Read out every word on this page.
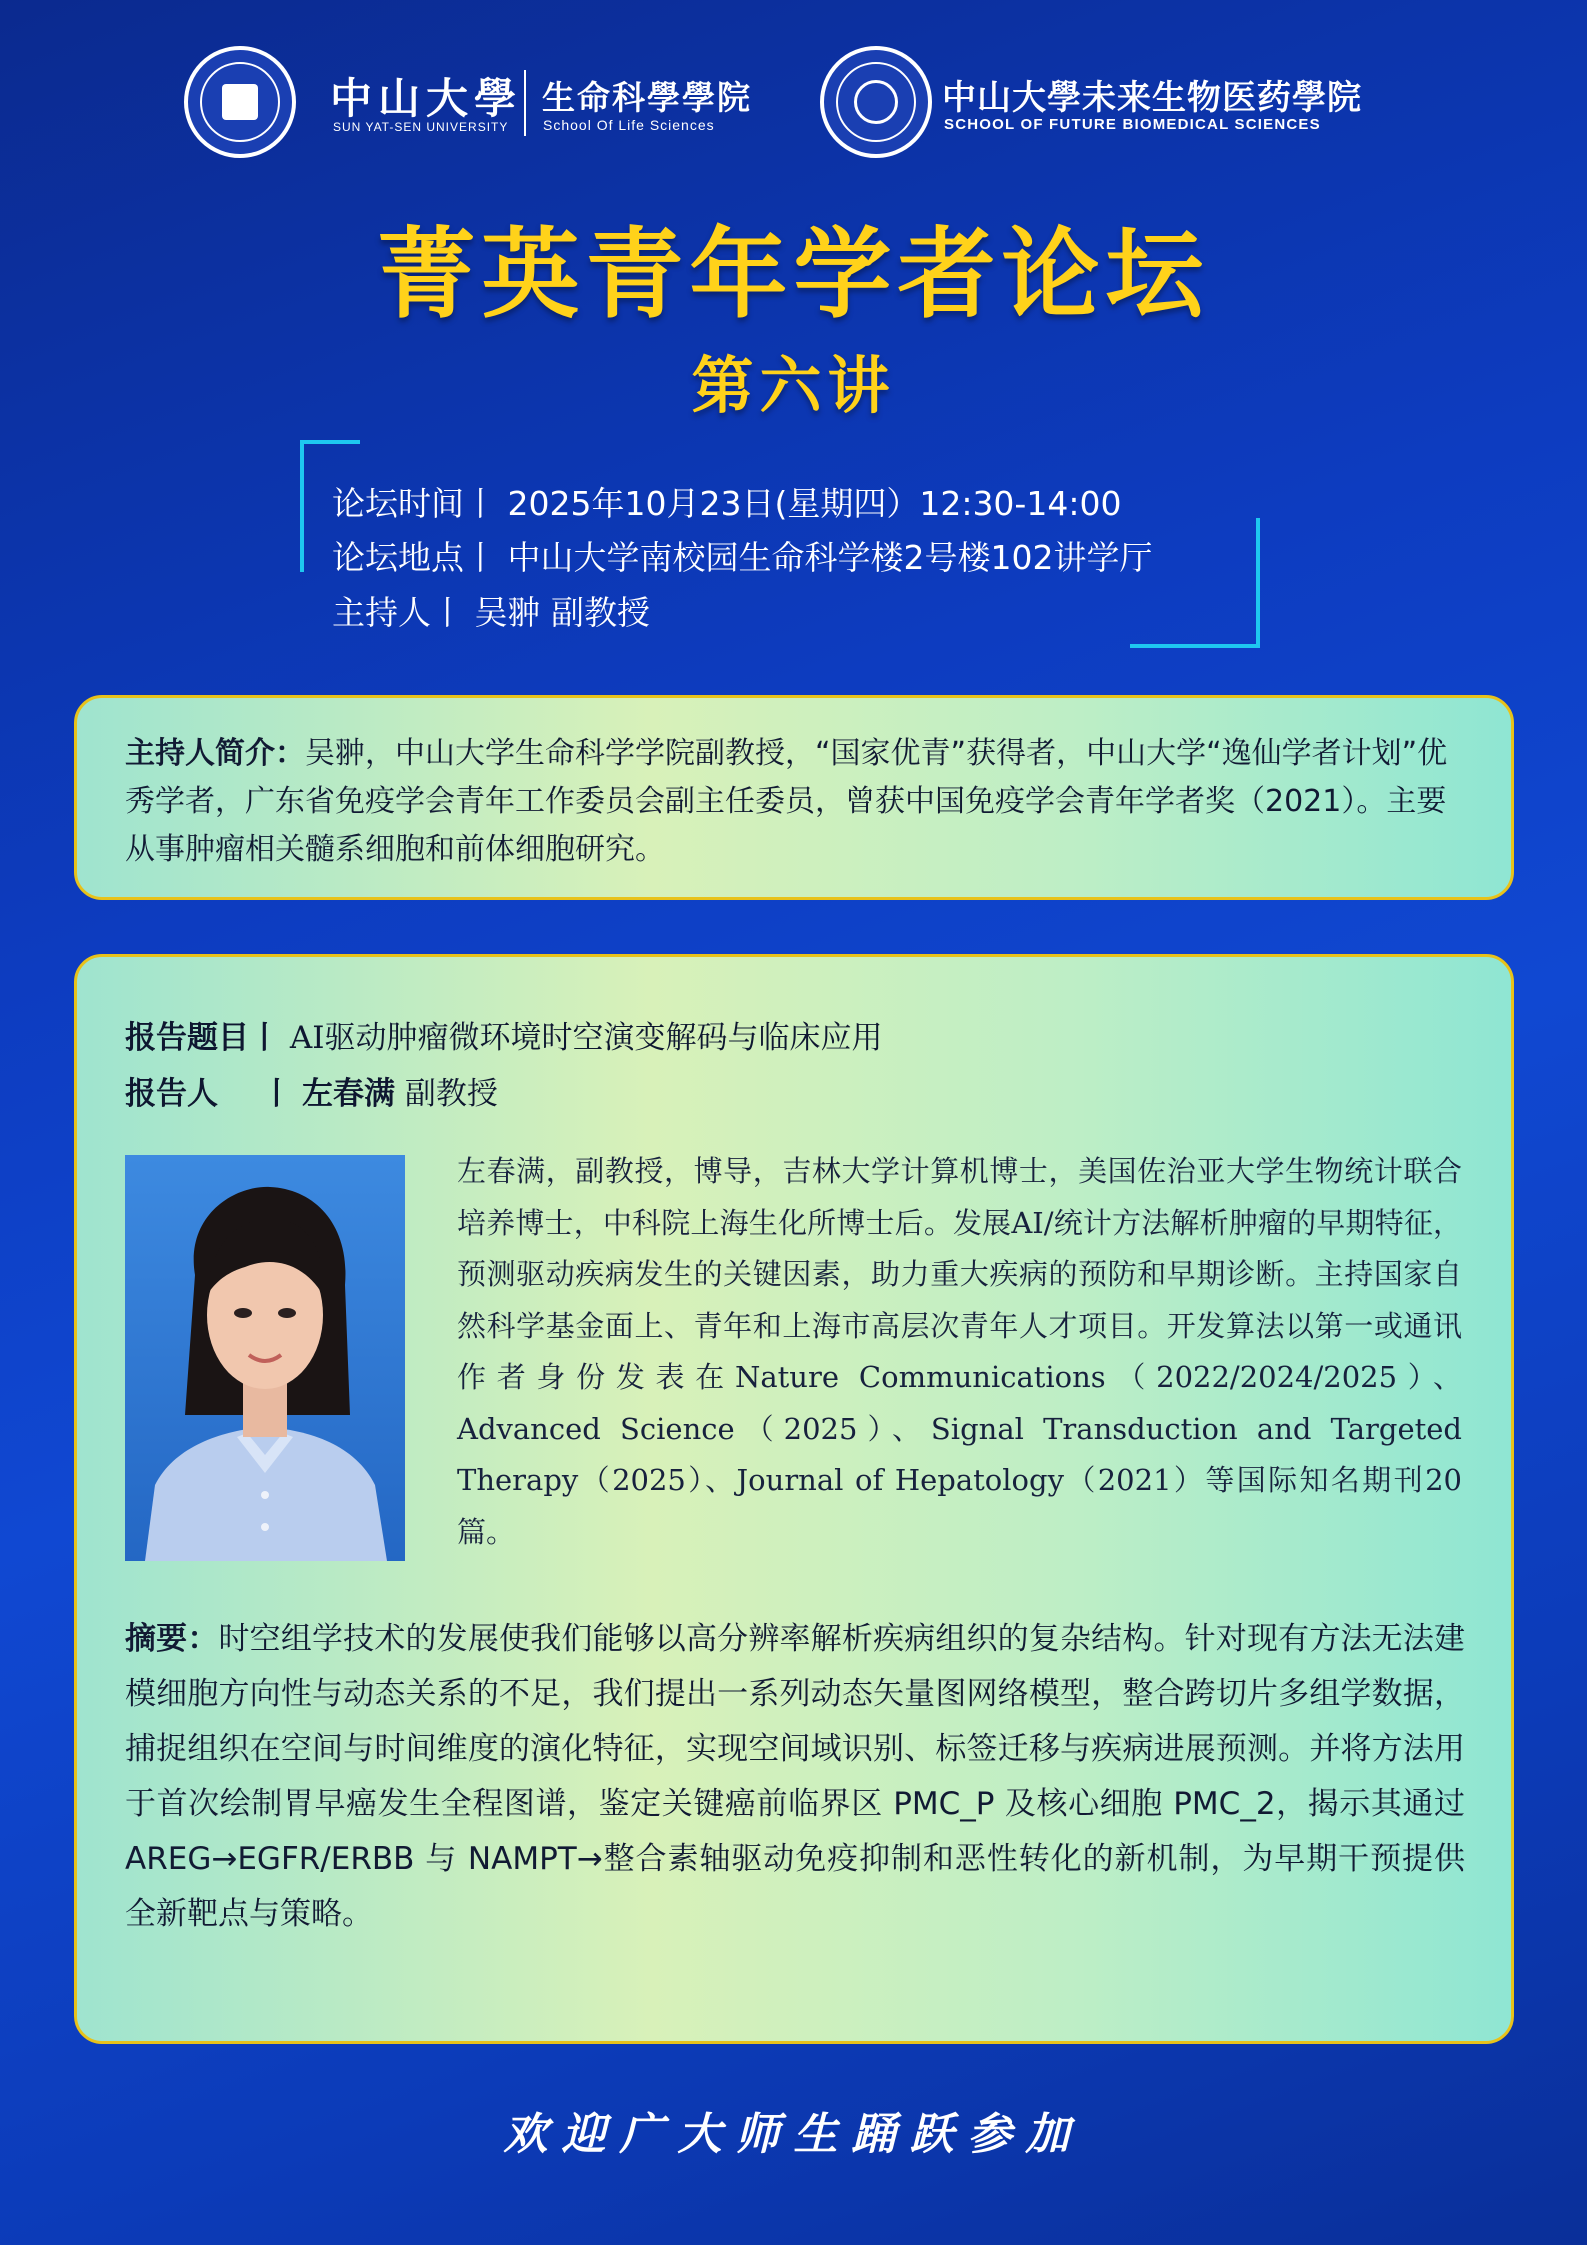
中山大學
SUN YAT-SEN UNIVERSITY
生命科學學院
School Of Life Sciences
中山大學未来生物医药學院
SCHOOL OF FUTURE BIOMEDICAL SCIENCES
菁英青年学者论坛
第六讲
论坛时间丨 2025年10月23日(星期四）12:30-14:00
论坛地点丨 中山大学南校园生命科学楼2号楼102讲学厅
主持人丨 吴翀 副教授
主持人简介：吴翀，中山大学生命科学学院副教授，“国家优青”获得者，中山大学“逸仙学者计划”优秀学者，广东省免疫学会青年工作委员会副主任委员，曾获中国免疫学会青年学者奖（2021）。主要从事肿瘤相关髓系细胞和前体细胞研究。
报告题目丨 AI驱动肿瘤微环境时空演变解码与临床应用
报告人    丨 左春满 副教授
左春满，副教授，博导，吉林大学计算机博士，美国佐治亚大学生物统计联合培养博士，中科院上海生化所博士后。发展AI/统计方法解析肿瘤的早期特征，预测驱动疾病发生的关键因素，助力重大疾病的预防和早期诊断。主持国家自然科学基金面上、青年和上海市高层次青年人才项目。开发算法以第一或通讯作者身份发表在Nature Communications（2022/2024/2025）、Advanced Science（2025）、Signal Transduction and Targeted Therapy（2025）、Journal of Hepatology（2021）等国际知名期刊20篇。
摘要：时空组学技术的发展使我们能够以高分辨率解析疾病组织的复杂结构。针对现有方法无法建模细胞方向性与动态关系的不足，我们提出一系列动态矢量图网络模型，整合跨切片多组学数据，捕捉组织在空间与时间维度的演化特征，实现空间域识别、标签迁移与疾病进展预测。并将方法用于首次绘制胃早癌发生全程图谱，鉴定关键癌前临界区 PMC_P 及核心细胞 PMC_2，揭示其通过 AREG→EGFR/ERBB 与 NAMPT→整合素轴驱动免疫抑制和恶性转化的新机制，为早期干预提供全新靶点与策略。
欢迎广大师生踊跃参加
